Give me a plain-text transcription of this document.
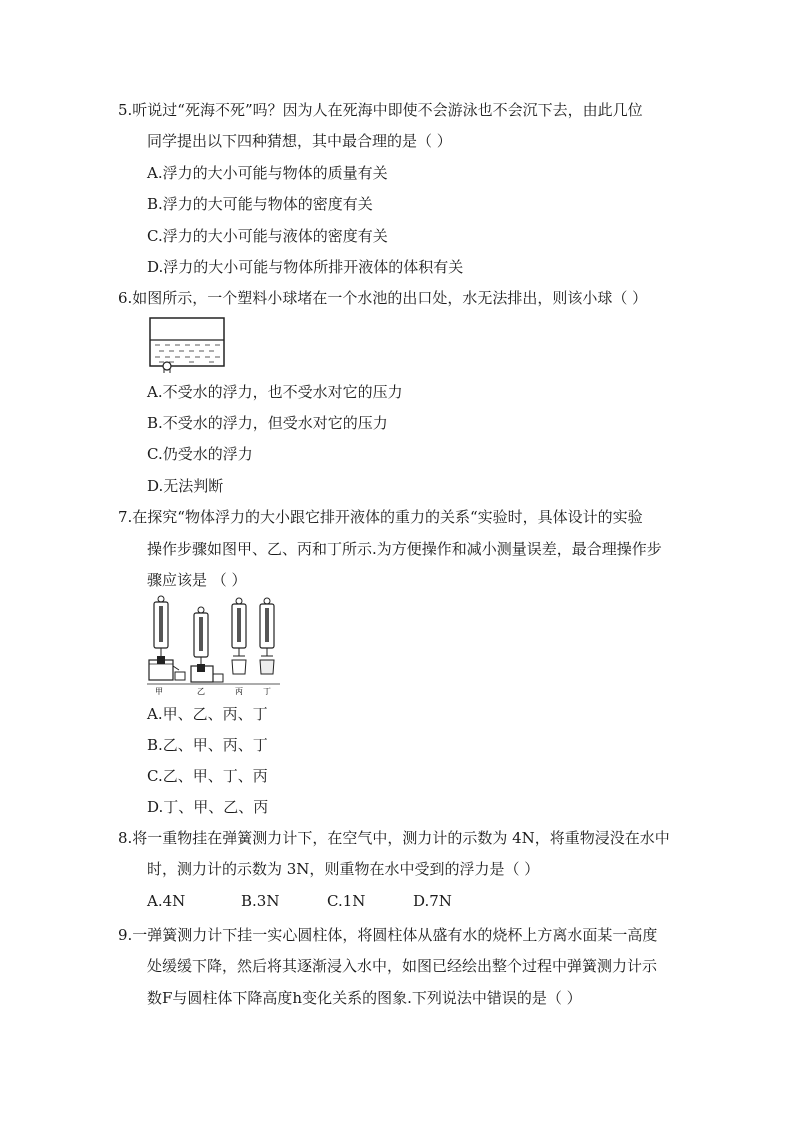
5.听说过“死海不死”吗？因为人在死海中即使不会游泳也不会沉下去，由此几位
同学提出以下四种猜想，其中最合理的是（ ）
A.浮力的大小可能与物体的质量有关
B.浮力的大可能与物体的密度有关
C.浮力的大小可能与液体的密度有关
D.浮力的大小可能与物体所排开液体的体积有关
6.如图所示，一个塑料小球堵在一个水池的出口处，水无法排出，则该小球（ ）
A.不受水的浮力，也不受水对它的压力
B.不受水的浮力，但受水对它的压力
C.仍受水的浮力
D.无法判断
7.在探究“物体浮力的大小跟它排开液体的重力的关系“实验时，具体设计的实验
操作步骤如图甲、乙、丙和丁所示.为方便操作和减小测量误差，最合理操作步
骤应该是 （ ）
甲	乙	丙	丁
A.甲、乙、丙、丁
B.乙、甲、丙、丁
C.乙、甲、丁、丙
D.丁、甲、乙、丙
8.将一重物挂在弹簧测力计下，在空气中，测力计的示数为 4N，将重物浸没在水中
时，测力计的示数为 3N，则重物在水中受到的浮力是（ ）
A.4N	B.3N	C.1N	D.7N
9.一弹簧测力计下挂一实心圆柱体，将圆柱体从盛有水的烧杯上方离水面某一高度
处缓缓下降，然后将其逐渐浸入水中，如图已经绘出整个过程中弹簧测力计示
数F与圆柱体下降高度h变化关系的图象.下列说法中错误的是（ ）
